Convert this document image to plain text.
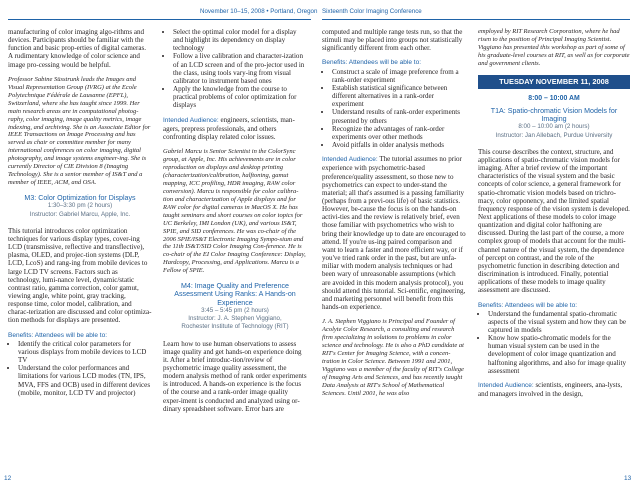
November 10–15, 2008 • Portland, Oregon Sixteenth Color Imaging Conference

manufacturing of color imaging algo-rithms and devices. Participants should be familiar with the function and basic prop-erties of digital cameras. A rudimentary knowledge of color science and image pro-cessing would be helpful.

Professor Sabine Süsstrunk leads the Images and Visual Representation Group (IVRG) at the Ecole Polytechnique Fédérale de Lausanne (EPFL), Switzerland, where she has taught since 1999. Her main research areas are in computational photog-raphy, color imaging, image quality metrics, image indexing, and archiving. She is an Associate Editor for IEEE Transactions on Image Processing and has served as chair or committee member for many international conferences on color imaging, digital photography, and image systems engineer-ing. She is currently Director of CIE Division 8 (Imaging Technology). She is a senior member of IS&T and a member of IEEE, ACM, and OSA.

M3: Color Optimization for Displays
1:30–3:30 pm (2 hours)
Instructor: Gabriel Marcu, Apple, Inc.

This tutorial introduces color optimization techniques for various display types, cover-ing LCD (transmissive, reflective and transflective), plasma, OLED, and projec-tion systems (DLP, LCD, LcoS) and rang-ing from mobile devices to large LCD TV screens. Factors such as technology, lumi-nance level, dynamic/static contrast ratio, gamma correction, color gamut, viewing angle, white point, gray tracking, response time, color model, calibration, and charac-terization are discussed and color optimiza-tion methods for displays are presented.

Benefits: Attendees will be able to:
• Identify the critical color parameters for various displays from mobile devices to LCD TV
• Understand the color performances and limitations for various LCD modes (TN, IPS, MVA, FFS and OCB) used in different devices (mobile, monitor, LCD TV and projector)
• Select the optimal color model for a display and highlight its dependency on display technology
• Follow a live calibration and character-ization of an LCD screen and of the pro-jector used in the class, using tools vary-ing from visual calibrator to instrument based ones
• Apply the knowledge from the course to practical problems of color optimization for displays

Intended Audience: engineers, scientists, man-agers, prepress professionals, and others confronting display related color issues.

Gabriel Marcu is Senior Scientist in the ColorSync group, at Apple, Inc. His achievements are in color reproduction on displays and desktop printing (characterization/calibration, halftoning, gamut mapping, ICC profiling, HDR imaging, RAW color conversion). Marcu is responsible for color calibra-tion and characterization of Apple displays and for RAW color for digital cameras in MacOS X. He has taught seminars and short courses on color topics for UC Berkeley, IMI London (UK), and various IS&T, SPIE, and SID conferences. He was co-chair of the 2006 SPIE/IS&T Electronic Imaging Sympo-sium and the 11th IS&T/SID Color Imaging Con-ference. He is co-chair of the EI Color Imaging Conference: Display, Hardcopy, Processing, and Applications. Marcu is a Fellow of SPIE.

M4: Image Quality and Preference Assessment Using Ranks: A Hands-on Experience
3:45 – 5:45 pm (2 hours)
Instructor: J. A. Stephen Viggiano,
Rochester Institute of Technology (RIT)

Learn how to use human observations to assess image quality and get hands-on experience doing it. After a brief introduc-tion/review of psychometric image quality assessment, the modern analysis method of rank order experiments is introduced. A hands-on experience is the focus of the course and a rank-order image quality exper-iment is conducted and analyzed using or-dinary spreadsheet software. Error bars are

computed and multiple range tests run, so that the stimuli may be placed into groups not statistically significantly different from each other.

Benefits: Attendees will be able to:
• Construct a scale of image preference from a rank-order experiment
• Establish statistical significance between different alternatives in a rank-order experiment
• Understand results of rank-order experiments presented by others
• Recognize the advantages of rank-order experiments over other methods
• Avoid pitfalls in older analysis methods

Intended Audience: The tutorial assumes no prior experience with psychometric-based preference/quality assessment, so those new to psychometrics can expect to under-stand the material; all that's assumed is a passing familiarity (perhaps from a previ-ous life) of basic statistics. However, be-cause the focus is on the hands-on activi-ties and the review is relatively brief, even those familiar with psychometrics who wish to bring their knowledge up to date are encouraged to attend. If you're us-ing paired comparison and want to learn a faster and more efficient way, or if you've tried rank order in the past, but are unfa-miliar with modern analysis techniques or had been wary of unreasonable assumptions (which are avoided in this modern analysis protocol), you should attend this tutorial. Sci-entific, engineering, and marketing personnel will benefit from this hands-on experience.

J. A. Stephen Viggiano is Principal and Founder of Acolyte Color Research, a consulting and research firm specializing in solutions to problems in color science and technology. He is also a PhD candidate at RIT's Center for Imaging Science, with a concen-tration in Color Science. Between 1991 and 2001, Viggiano was a member of the faculty of RIT's College of Imaging Arts and Sciences, and has recently taught Data Analysis at RIT's School of Mathematical Sciences. Until 2001, he was also

employed by RIT Research Corporation, where he had risen to the position of Principal Imaging Scientist. Viggiano has presented this workshop as part of some of his graduate-level courses at RIT, as well as for corporate and government clients.

TUESDAY NOVEMBER 11, 2008
8:00 – 10:00 AM
T1A: Spatio-chromatic Vision Models for Imaging
8:00 – 10:00 am (2 hours)
Instructor: Jan Allebach, Purdue University

This course describes the context, structure, and applications of spatio-chromatic vision models for imaging. After a brief review of the important characteristics of the visual system and the basic concepts of color science, a general framework for spatio-chromatic vision models based on trichro-macy, color opponency, and the limited spatial frequency response of the vision system is developed. Next applications of these models to color image quantization and digital color halftoning are discussed. During the last part of the course, a more complex group of models that account for the multi-channel nature of the visual system, the dependence of percept on contrast, and the role of the psychometric function in describing detection and discrimination is introduced. Finally, potential applications of these models to image quality assessment are discussed.

Benefits: Attendees will be able to:
• Understand the fundamental spatio-chromatic aspects of the visual system and how they can be captured in models
• Know how spatio-chromatic models for the human visual system can be used in the development of color image quantization and halftoning algorithms, and also for image quality assessment

Intended Audience: scientists, engineers, ana-lysts, and managers involved in the design,

12	13
